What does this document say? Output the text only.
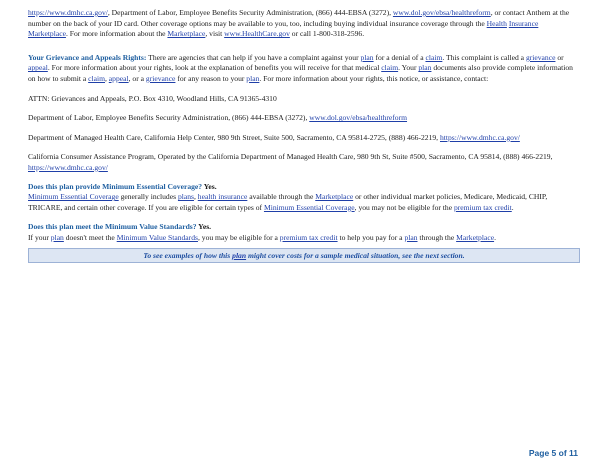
https://www.dmhc.ca.gov/, Department of Labor, Employee Benefits Security Administration, (866) 444-EBSA (3272), www.dol.gov/ebsa/healthreform, or contact Anthem at the number on the back of your ID card. Other coverage options may be available to you, too, including buying individual insurance coverage through the Health Insurance Marketplace. For more information about the Marketplace, visit www.HealthCare.gov or call 1-800-318-2596.

Your Grievance and Appeals Rights: There are agencies that can help if you have a complaint against your plan for a denial of a claim. This complaint is called a grievance or appeal. For more information about your rights, look at the explanation of benefits you will receive for that medical claim. Your plan documents also provide complete information on how to submit a claim, appeal, or a grievance for any reason to your plan. For more information about your rights, this notice, or assistance, contact:

ATTN: Grievances and Appeals, P.O. Box 4310, Woodland Hills, CA 91365-4310

Department of Labor, Employee Benefits Security Administration, (866) 444-EBSA (3272), www.dol.gov/ebsa/healthreform

Department of Managed Health Care, California Help Center, 980 9th Street, Suite 500, Sacramento, CA 95814-2725, (888) 466-2219, https://www.dmhc.ca.gov/

California Consumer Assistance Program, Operated by the California Department of Managed Health Care, 980 9th St, Suite #500, Sacramento, CA 95814, (888) 466-2219, https://www.dmhc.ca.gov/

Does this plan provide Minimum Essential Coverage? Yes.

Minimum Essential Coverage generally includes plans, health insurance available through the Marketplace or other individual market policies, Medicare, Medicaid, CHIP, TRICARE, and certain other coverage. If you are eligible for certain types of Minimum Essential Coverage, you may not be eligible for the premium tax credit.

Does this plan meet the Minimum Value Standards? Yes.

If your plan doesn't meet the Minimum Value Standards, you may be eligible for a premium tax credit to help you pay for a plan through the Marketplace.

To see examples of how this plan might cover costs for a sample medical situation, see the next section.
Page 5 of 11
